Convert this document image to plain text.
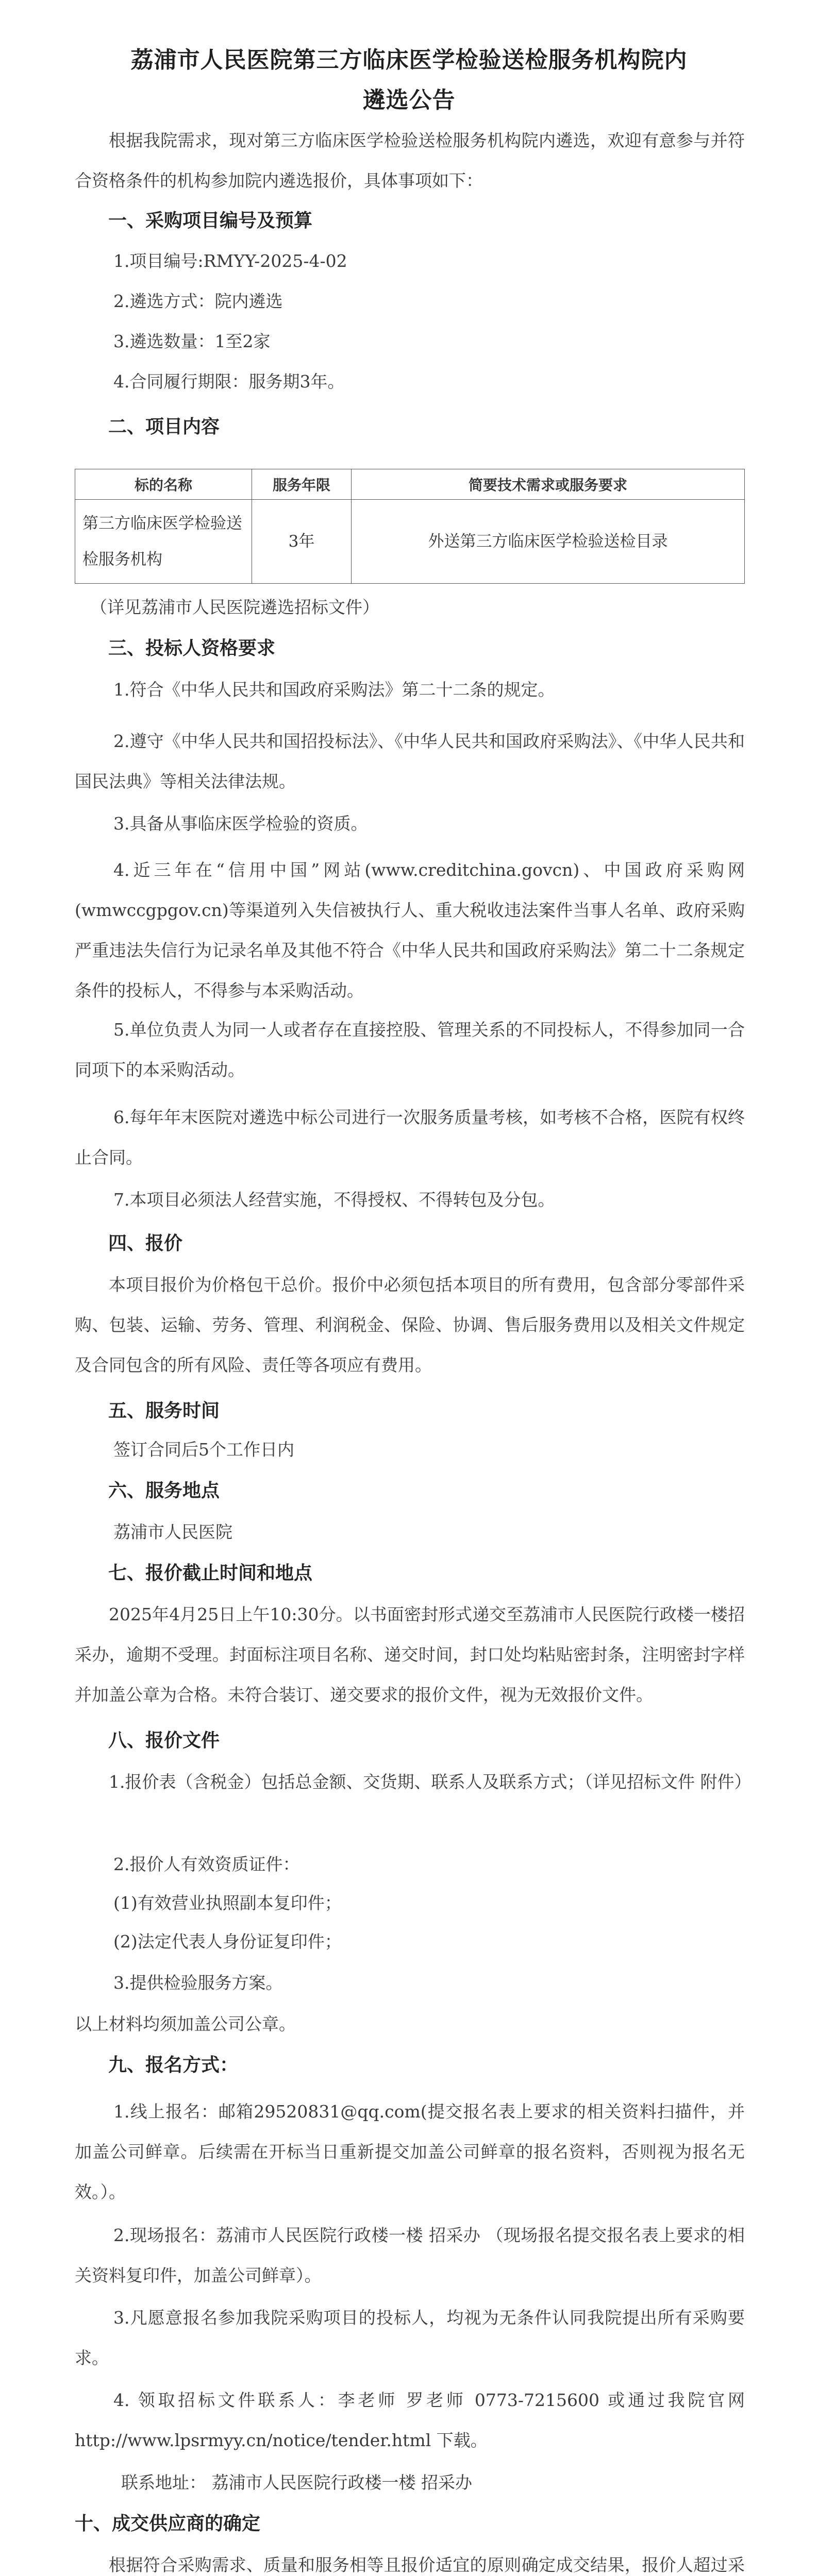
荔浦市人民医院第三方临床医学检验送检服务机构院内
遴选公告

根据我院需求，现对第三方临床医学检验送检服务机构院内遴选，欢迎有意参与并符合资格条件的机构参加院内遴选报价，具体事项如下：

一、采购项目编号及预算

1.项目编号:RMYY-2025-4-02

2.遴选方式：院内遴选

3.遴选数量：1至2家

4.合同履行期限：服务期3年。

二、项目内容
标的名称	服务年限	简要技术需求或服务要求
第三方临床医学检验送检服务机构	3年	外送第三方临床医学检验送检目录

（详见荔浦市人民医院遴选招标文件）

三、投标人资格要求

1.符合《中华人民共和国政府采购法》第二十二条的规定。

2.遵守《中华人民共和国招投标法》、《中华人民共和国政府采购法》、《中华人民共和国民法典》等相关法律法规。

3.具备从事临床医学检验的资质。

4.近三年在“信用中国”网站(www.creditchina.govcn)、中国政府采购网(wmwccgpgov.cn)等渠道列入失信被执行人、重大税收违法案件当事人名单、政府采购严重违法失信行为记录名单及其他不符合《中华人民共和国政府采购法》第二十二条规定条件的投标人，不得参与本采购活动。

5.单位负责人为同一人或者存在直接控股、管理关系的不同投标人，不得参加同一合同项下的本采购活动。

6.每年年末医院对遴选中标公司进行一次服务质量考核，如考核不合格，医院有权终止合同。

7.本项目必须法人经营实施，不得授权、不得转包及分包。

四、报价

本项目报价为价格包干总价。报价中必须包括本项目的所有费用，包含部分零部件采购、包装、运输、劳务、管理、利润税金、保险、协调、售后服务费用以及相关文件规定及合同包含的所有风险、责任等各项应有费用。

五、服务时间

签订合同后5个工作日内

六、服务地点

荔浦市人民医院

七、报价截止时间和地点

2025年4月25日上午10:30分。以书面密封形式递交至荔浦市人民医院行政楼一楼招采办，逾期不受理。封面标注项目名称、递交时间，封口处均粘贴密封条，注明密封字样并加盖公章为合格。未符合装订、递交要求的报价文件，视为无效报价文件。

八、报价文件

1.报价表（含税金）包括总金额、交货期、联系人及联系方式；（详见招标文件 附件）

2.报价人有效资质证件：

(1)有效营业执照副本复印件；

(2)法定代表人身份证复印件；

3.提供检验服务方案。

以上材料均须加盖公司公章。

九、报名方式：

1.线上报名：邮箱29520831@qq.com(提交报名表上要求的相关资料扫描件，并加盖公司鲜章。后续需在开标当日重新提交加盖公司鲜章的报名资料，否则视为报名无效。）。

2.现场报名：荔浦市人民医院行政楼一楼 招采办 （现场报名提交报名表上要求的相关资料复印件，加盖公司鲜章）。

3.凡愿意报名参加我院采购项目的投标人，均视为无条件认同我院提出所有采购要求。

4. 领取招标文件联系人：李老师 罗老师 0773-7215600 或通过我院官网http://www.lpsrmyy.cn/notice/tender.html 下载。

联系地址： 荔浦市人民医院行政楼一楼 招采办

十、成交供应商的确定

根据符合采购需求、质量和服务相等且报价适宜的原则确定成交结果，报价人超过采
